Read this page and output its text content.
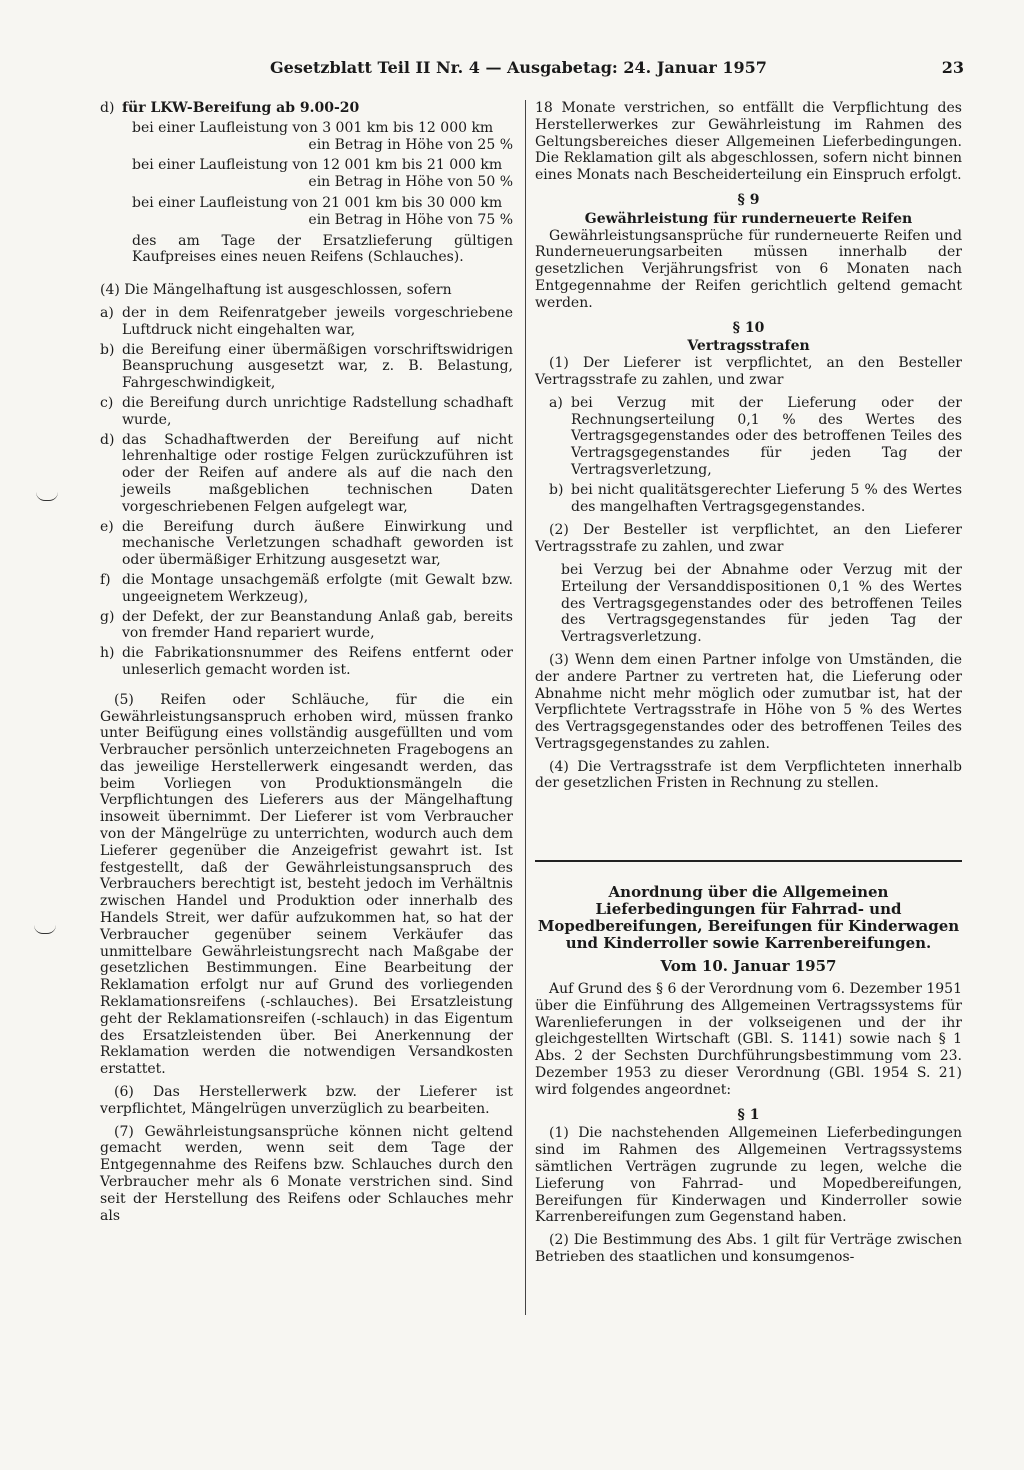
Gesetzblatt Teil II Nr. 4 — Ausgabetag: 24. Januar 1957	23
d) für LKW-Bereifung ab 9.00-20
bei einer Laufleistung von 3 001 km bis 12 000 km
ein Betrag in Höhe von 25 %
bei einer Laufleistung von 12 001 km bis 21 000 km
ein Betrag in Höhe von 50 %
bei einer Laufleistung von 21 001 km bis 30 000 km
ein Betrag in Höhe von 75 %

des am Tage der Ersatzlieferung gültigen Kaufpreises eines neuen Reifens (Schlauches).

(4) Die Mängelhaftung ist ausgeschlossen, sofern

a) der in dem Reifenratgeber jeweils vorgeschriebene Luftdruck nicht eingehalten war,
b) die Bereifung einer übermäßigen vorschriftswidrigen Beanspruchung ausgesetzt war, z. B. Belastung, Fahrgeschwindigkeit,
c) die Bereifung durch unrichtige Radstellung schadhaft wurde,
d) das Schadhaftwerden der Bereifung auf nicht lehrenhaltige oder rostige Felgen zurückzuführen ist oder der Reifen auf andere als auf die nach den jeweils maßgeblichen technischen Daten vorgeschriebenen Felgen aufgelegt war,
e) die Bereifung durch äußere Einwirkung und mechanische Verletzungen schadhaft geworden ist oder übermäßiger Erhitzung ausgesetzt war,
f) die Montage unsachgemäß erfolgte (mit Gewalt bzw. ungeeignetem Werkzeug),
g) der Defekt, der zur Beanstandung Anlaß gab, bereits von fremder Hand repariert wurde,
h) die Fabrikationsnummer des Reifens entfernt oder unleserlich gemacht worden ist.

(5) Reifen oder Schläuche, für die ein Gewährleistungsanspruch erhoben wird, müssen franko unter Beifügung eines vollständig ausgefüllten und vom Verbraucher persönlich unterzeichneten Fragebogens an das jeweilige Herstellerwerk eingesandt werden, das beim Vorliegen von Produktionsmängeln die Verpflichtungen des Lieferers aus der Mängelhaftung insoweit übernimmt. Der Lieferer ist vom Verbraucher von der Mängelrüge zu unterrichten, wodurch auch dem Lieferer gegenüber die Anzeigefrist gewahrt ist. Ist festgestellt, daß der Gewährleistungsanspruch des Verbrauchers berechtigt ist, besteht jedoch im Verhältnis zwischen Handel und Produktion oder innerhalb des Handels Streit, wer dafür aufzukommen hat, so hat der Verbraucher gegenüber seinem Verkäufer das unmittelbare Gewährleistungsrecht nach Maßgabe der gesetzlichen Bestimmungen. Eine Bearbeitung der Reklamation erfolgt nur auf Grund des vorliegenden Reklamationsreifens (-schlauches). Bei Ersatzleistung geht der Reklamationsreifen (-schlauch) in das Eigentum des Ersatzleistenden über. Bei Anerkennung der Reklamation werden die notwendigen Versandkosten erstattet.

(6) Das Herstellerwerk bzw. der Lieferer ist verpflichtet, Mängelrügen unverzüglich zu bearbeiten.

(7) Gewährleistungsansprüche können nicht geltend gemacht werden, wenn seit dem Tage der Entgegennahme des Reifens bzw. Schlauches durch den Verbraucher mehr als 6 Monate verstrichen sind. Sind seit der Herstellung des Reifens oder Schlauches mehr als

18 Monate verstrichen, so entfällt die Verpflichtung des Herstellerwerkes zur Gewährleistung im Rahmen des Geltungsbereiches dieser Allgemeinen Lieferbedingungen. Die Reklamation gilt als abgeschlossen, sofern nicht binnen eines Monats nach Bescheiderteilung ein Einspruch erfolgt.

§ 9
Gewährleistung für runderneuerte Reifen

Gewährleistungsansprüche für runderneuerte Reifen und Runderneuerungsarbeiten müssen innerhalb der gesetzlichen Verjährungsfrist von 6 Monaten nach Entgegennahme der Reifen gerichtlich geltend gemacht werden.

§ 10
Vertragsstrafen

(1) Der Lieferer ist verpflichtet, an den Besteller Vertragsstrafe zu zahlen, und zwar

a) bei Verzug mit der Lieferung oder der Rechnungserteilung 0,1 % des Wertes des Vertragsgegenstandes oder des betroffenen Teiles des Vertragsgegenstandes für jeden Tag der Vertragsverletzung,
b) bei nicht qualitätsgerechter Lieferung 5 % des Wertes des mangelhaften Vertragsgegenstandes.

(2) Der Besteller ist verpflichtet, an den Lieferer Vertragsstrafe zu zahlen, und zwar

bei Verzug bei der Abnahme oder Verzug mit der Erteilung der Versanddispositionen 0,1 % des Wertes des Vertragsgegenstandes oder des betroffenen Teiles des Vertragsgegenstandes für jeden Tag der Vertragsverletzung.

(3) Wenn dem einen Partner infolge von Umständen, die der andere Partner zu vertreten hat, die Lieferung oder Abnahme nicht mehr möglich oder zumutbar ist, hat der Verpflichtete Vertragsstrafe in Höhe von 5 % des Wertes des Vertragsgegenstandes oder des betroffenen Teiles des Vertragsgegenstandes zu zahlen.

(4) Die Vertragsstrafe ist dem Verpflichteten innerhalb der gesetzlichen Fristen in Rechnung zu stellen.

Anordnung über die Allgemeinen Lieferbedingungen für Fahrrad- und Mopedbereifungen, Bereifungen für Kinderwagen und Kinderroller sowie Karrenbereifungen.
Vom 10. Januar 1957

Auf Grund des § 6 der Verordnung vom 6. Dezember 1951 über die Einführung des Allgemeinen Vertragssystems für Warenlieferungen in der volkseigenen und der ihr gleichgestellten Wirtschaft (GBl. S. 1141) sowie nach § 1 Abs. 2 der Sechsten Durchführungsbestimmung vom 23. Dezember 1953 zu dieser Verordnung (GBl. 1954 S. 21) wird folgendes angeordnet:

§ 1

(1) Die nachstehenden Allgemeinen Lieferbedingungen sind im Rahmen des Allgemeinen Vertragssystems sämtlichen Verträgen zugrunde zu legen, welche die Lieferung von Fahrrad- und Mopedbereifungen, Bereifungen für Kinderwagen und Kinderroller sowie Karrenbereifungen zum Gegenstand haben.

(2) Die Bestimmung des Abs. 1 gilt für Verträge zwischen Betrieben des staatlichen und konsumgenos-
